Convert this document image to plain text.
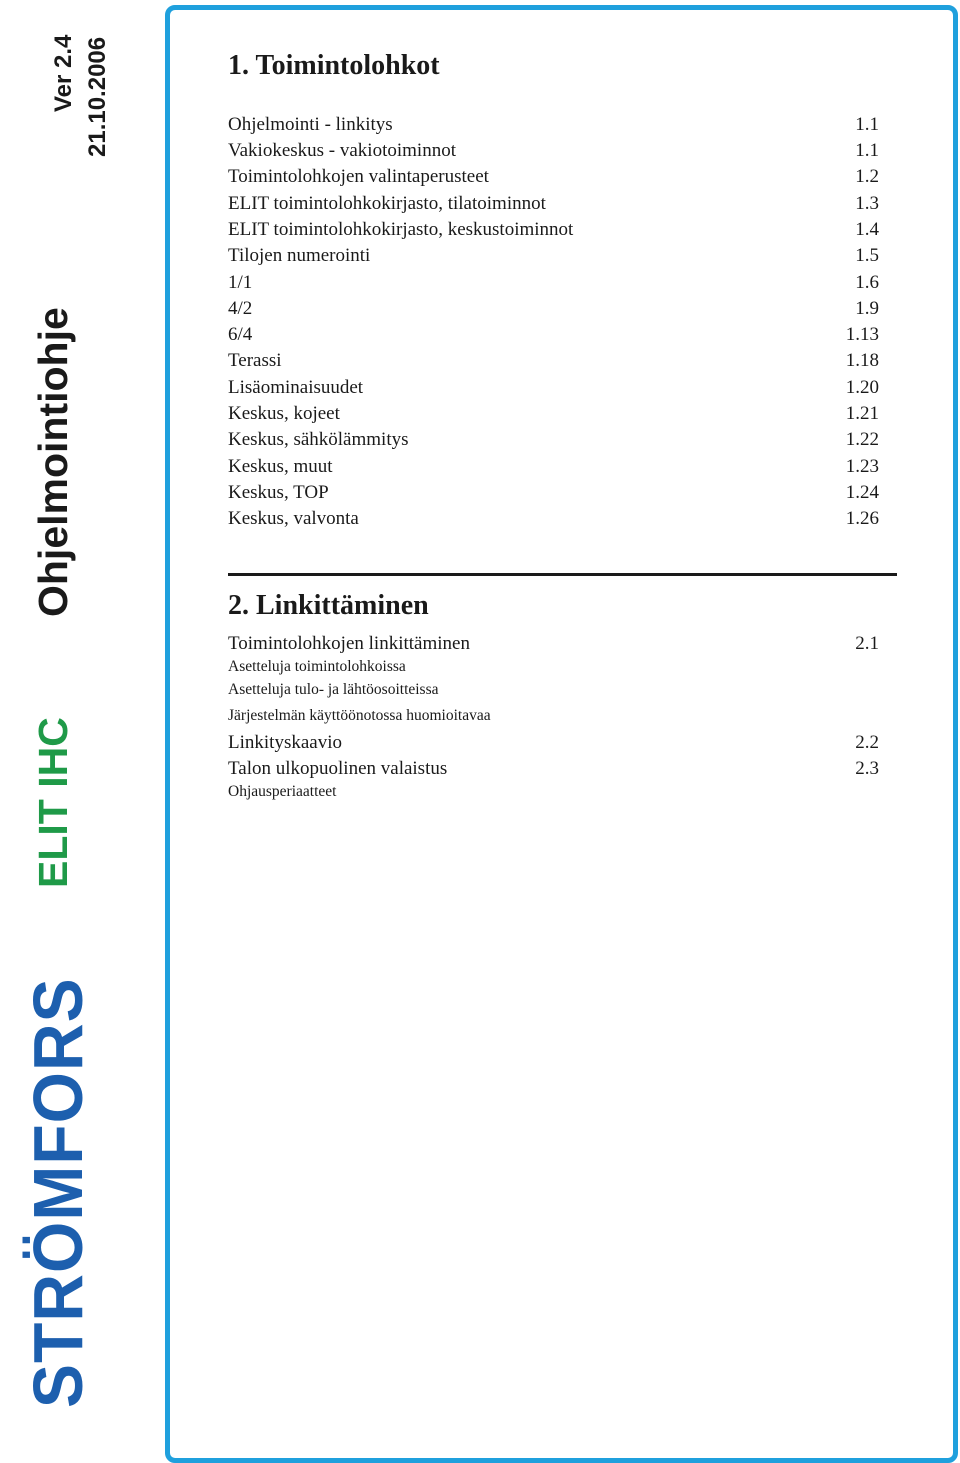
STRÖMFORS
ELIT IHC
Ohjelmointiohje
Ver 2.4 21.10.2006	1. Toimintolohkot
Ohjelmointi - linkitys	1.1
Vakiokeskus - vakiotoiminnot	1.1
Toimintolohkojen valintaperusteet	1.2
ELIT toimintolohkokirjasto, tilatoiminnot	1.3
ELIT toimintolohkokirjasto, keskustoiminnot	1.4
Tilojen numerointi	1.5
1/1	1.6
4/2	1.9
6/4	1.13
Terassi	1.18
Lisäominaisuudet	1.20
Keskus, kojeet	1.21
Keskus, sähkölämmitys	1.22
Keskus, muut	1.23
Keskus, TOP	1.24
Keskus, valvonta	1.26
2. Linkittäminen
Toimintolohkojen linkittäminen	2.1
Asetteluja toimintolohkoissa
Asetteluja tulo- ja lähtöosoitteissa
Järjestelmän käyttöönotossa huomioitavaa
Linkityskaavio	2.2
Talon ulkopuolinen valaistus	2.3
Ohjausperiaatteet
